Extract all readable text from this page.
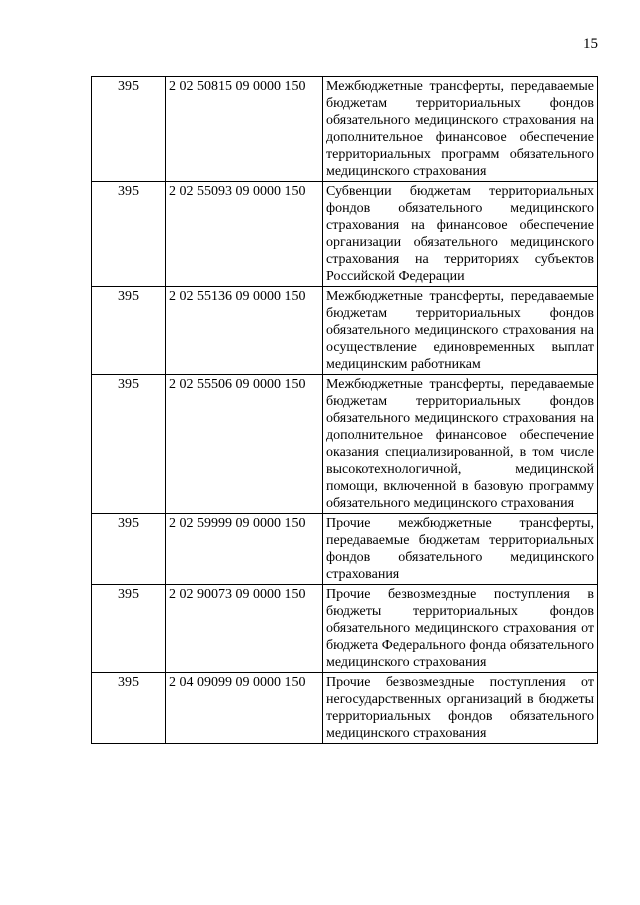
15
395	2 02 50815 09 0000 150	Межбюджетные трансферты, передаваемые бюджетам территориальных фондов обязательного медицинского страхования на дополнительное финансовое обеспечение территориальных программ обязательного медицинского страхования
395	2 02 55093 09 0000 150	Субвенции бюджетам территориальных фондов обязательного медицинского страхования на финансовое обеспечение организации обязательного медицинского страхования на территориях субъектов Российской Федерации
395	2 02 55136 09 0000 150	Межбюджетные трансферты, передаваемые бюджетам территориальных фондов обязательного медицинского страхования на осуществление единовременных выплат медицинским работникам
395	2 02 55506 09 0000 150	Межбюджетные трансферты, передаваемые бюджетам территориальных фондов обязательного медицинского страхования на дополнительное финансовое обеспечение оказания специализированной, в том числе высокотехнологичной, медицинской помощи, включенной в базовую программу обязательного медицинского страхования
395	2 02 59999 09 0000 150	Прочие межбюджетные трансферты, передаваемые бюджетам территориальных фондов обязательного медицинского страхования
395	2 02 90073 09 0000 150	Прочие безвозмездные поступления в бюджеты территориальных фондов обязательного медицинского страхования от бюджета Федерального фонда обязательного медицинского страхования
395	2 04 09099 09 0000 150	Прочие безвозмездные поступления от негосударственных организаций в бюджеты территориальных фондов обязательного медицинского страхования
